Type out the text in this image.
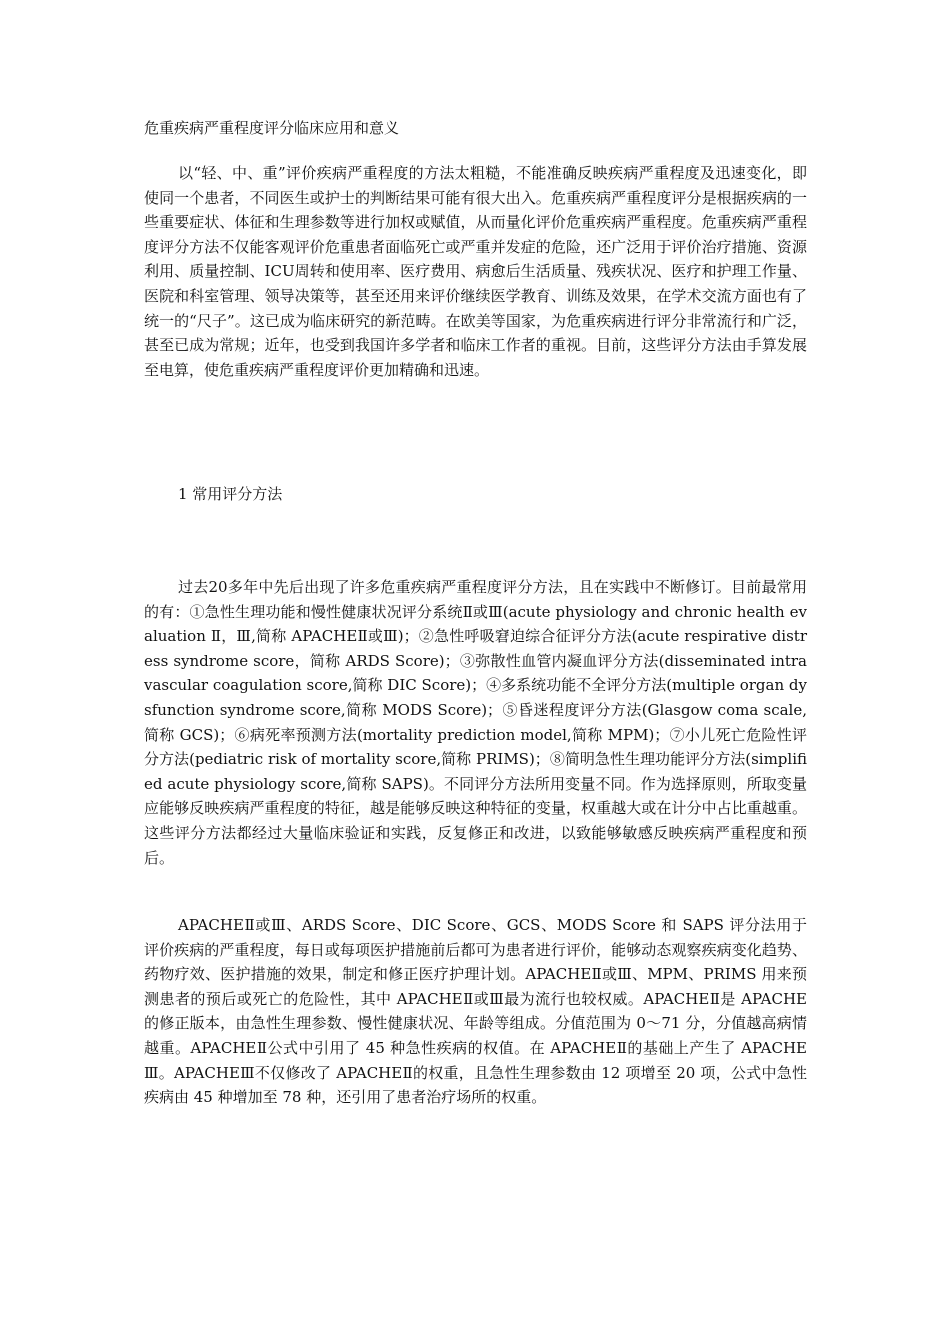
危重疾病严重程度评分临床应用和意义

以“轻、中、重”评价疾病严重程度的方法太粗糙，不能准确反映疾病严重程度及迅速变化，即使同一个患者，不同医生或护士的判断结果可能有很大出入。危重疾病严重程度评分是根据疾病的一些重要症状、体征和生理参数等进行加权或赋值，从而量化评价危重疾病严重程度。危重疾病严重程度评分方法不仅能客观评价危重患者面临死亡或严重并发症的危险，还广泛用于评价治疗措施、资源利用、质量控制、ICU周转和使用率、医疗费用、病愈后生活质量、残疾状况、医疗和护理工作量、医院和科室管理、领导决策等，甚至还用来评价继续医学教育、训练及效果，在学术交流方面也有了统一的“尺子”。这已成为临床研究的新范畴。在欧美等国家，为危重疾病进行评分非常流行和广泛，甚至已成为常规；近年，也受到我国许多学者和临床工作者的重视。目前，这些评分方法由手算发展至电算，使危重疾病严重程度评价更加精确和迅速。

1 常用评分方法

过去20多年中先后出现了许多危重疾病严重程度评分方法，且在实践中不断修订。目前最常用的有：①急性生理功能和慢性健康状况评分系统Ⅱ或Ⅲ(acute physiology and chronic health evaluation Ⅱ，Ⅲ,简称 APACHEⅡ或Ⅲ)；②急性呼吸窘迫综合征评分方法(acute respirative distress syndrome score，简称 ARDS Score)；③弥散性血管内凝血评分方法(disseminated intravascular coagulation score,简称 DIC Score)；④多系统功能不全评分方法(multiple organ dysfunction syndrome score,简称 MODS Score)；⑤昏迷程度评分方法(Glasgow coma scale,简称 GCS)；⑥病死率预测方法(mortality prediction model,简称 MPM)；⑦小儿死亡危险性评分方法(pediatric risk of mortality score,简称 PRIMS)；⑧简明急性生理功能评分方法(simplified acute physiology score,简称 SAPS)。不同评分方法所用变量不同。作为选择原则，所取变量应能够反映疾病严重程度的特征，越是能够反映这种特征的变量，权重越大或在计分中占比重越重。这些评分方法都经过大量临床验证和实践，反复修正和改进，以致能够敏感反映疾病严重程度和预后。

APACHEⅡ或Ⅲ、ARDS Score、DIC Score、GCS、MODS Score 和 SAPS 评分法用于评价疾病的严重程度，每日或每项医护措施前后都可为患者进行评价，能够动态观察疾病变化趋势、药物疗效、医护措施的效果，制定和修正医疗护理计划。APACHEⅡ或Ⅲ、MPM、PRIMS 用来预测患者的预后或死亡的危险性，其中 APACHEⅡ或Ⅲ最为流行也较权威。APACHEⅡ是 APACHE 的修正版本，由急性生理参数、慢性健康状况、年龄等组成。分值范围为 0～71 分，分值越高病情越重。APACHEⅡ公式中引用了 45 种急性疾病的权值。在 APACHEⅡ的基础上产生了 APACHEⅢ。APACHEⅢ不仅修改了 APACHEⅡ的权重，且急性生理参数由 12 项增至 20 项，公式中急性疾病由 45 种增加至 78 种，还引用了患者治疗场所的权重。
